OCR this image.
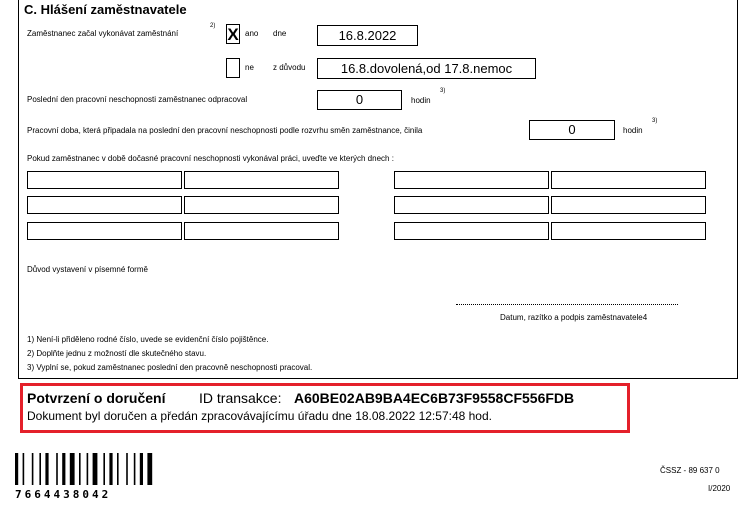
C. Hlášení zaměstnavatele
Zaměstnanec začal vykonávat zaměstnání
2) X ano dne	16.8.2022
ne z důvodu	16.8.dovolená,od 17.8.nemoc
Poslední den pracovní neschopnosti zaměstnanec odpracoval	0	hodin
3)
Pracovní doba, která připadala na poslední den pracovní neschopnosti podle rozvrhu směn zaměstnance, činila	0	hodin
3)
Pokud zaměstnanec v době dočasné pracovní neschopnosti vykonával práci, uveďte ve kterých dnech :
Důvod vystavení v písemné formě
Datum, razítko a podpis zaměstnavatele4
1) Není-li přiděleno rodné číslo, uvede se evidenční číslo pojištěnce.
2) Doplňte jednu z možností dle skutečného stavu.
3) Vyplní se, pokud zaměstnanec poslední den pracovně neschopnosti pracoval.
Potvrzení o doručení ID transakce: A60BE02AB9BA4EC6B73F9558CF556FDB
Dokument byl doručen a předán zpracovávajícímu úřadu dne 18.08.2022 12:57:48 hod.
7664438042
ČSSZ - 89 637 0
I/2020
